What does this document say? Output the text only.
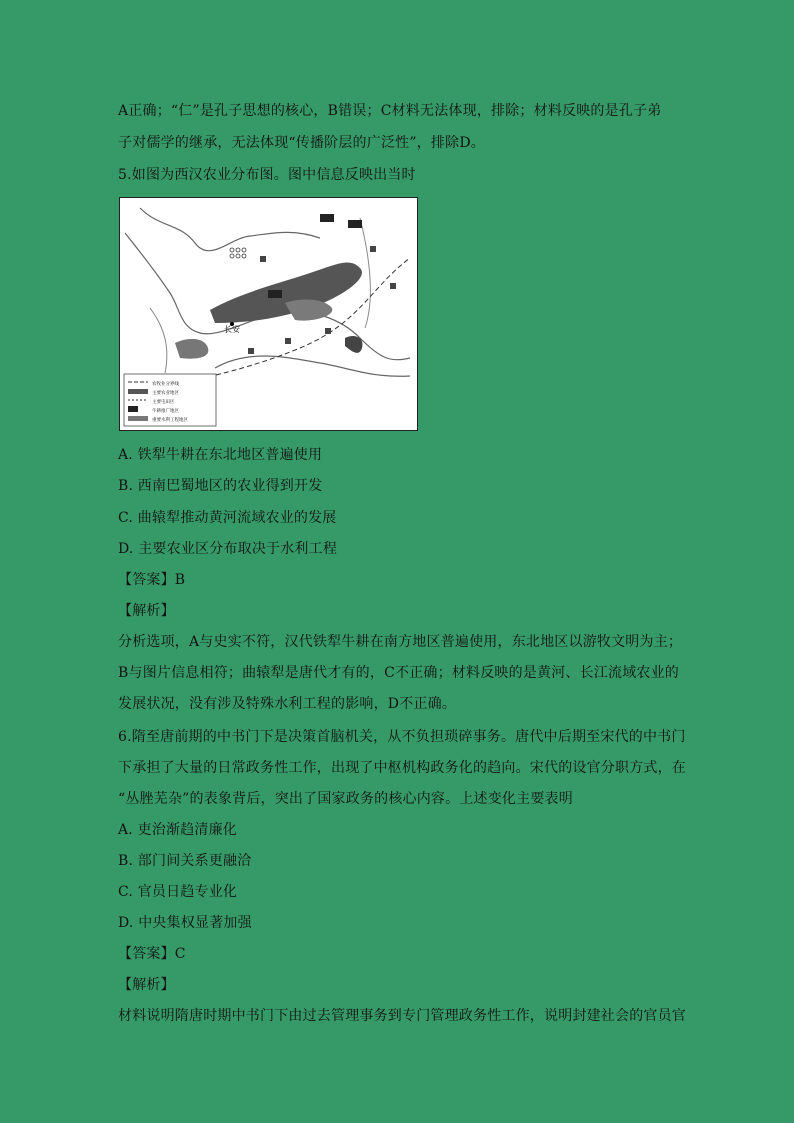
A正确；“仁”是孔子思想的核心，B错误；C材料无法体现，排除；材料反映的是孔子弟
子对儒学的继承，无法体现“传播阶层的广泛性”，排除D。
5.如图为西汉农业分布图。图中信息反映出当时
长安
农牧业分界线
主要农业地区
主要屯田区
牛耕推广地区
重要水利工程地区
A. 铁犁牛耕在东北地区普遍使用
B. 西南巴蜀地区的农业得到开发
C. 曲辕犁推动黄河流域农业的发展
D. 主要农业区分布取决于水利工程
【答案】B
【解析】
分析选项，A与史实不符，汉代铁犁牛耕在南方地区普遍使用，东北地区以游牧文明为主；
B与图片信息相符；曲辕犁是唐代才有的，C不正确；材料反映的是黄河、长江流域农业的
发展状况，没有涉及特殊水利工程的影响，D不正确。
6.隋至唐前期的中书门下是决策首脑机关，从不负担琐碎事务。唐代中后期至宋代的中书门
下承担了大量的日常政务性工作，出现了中枢机构政务化的趋向。宋代的设官分职方式，在
“丛脞芜杂”的表象背后，突出了国家政务的核心内容。上述变化主要表明
A. 吏治渐趋清廉化
B. 部门间关系更融洽
C. 官员日趋专业化
D. 中央集权显著加强
【答案】C
【解析】
材料说明隋唐时期中书门下由过去管理事务到专门管理政务性工作，说明封建社会的官员官
